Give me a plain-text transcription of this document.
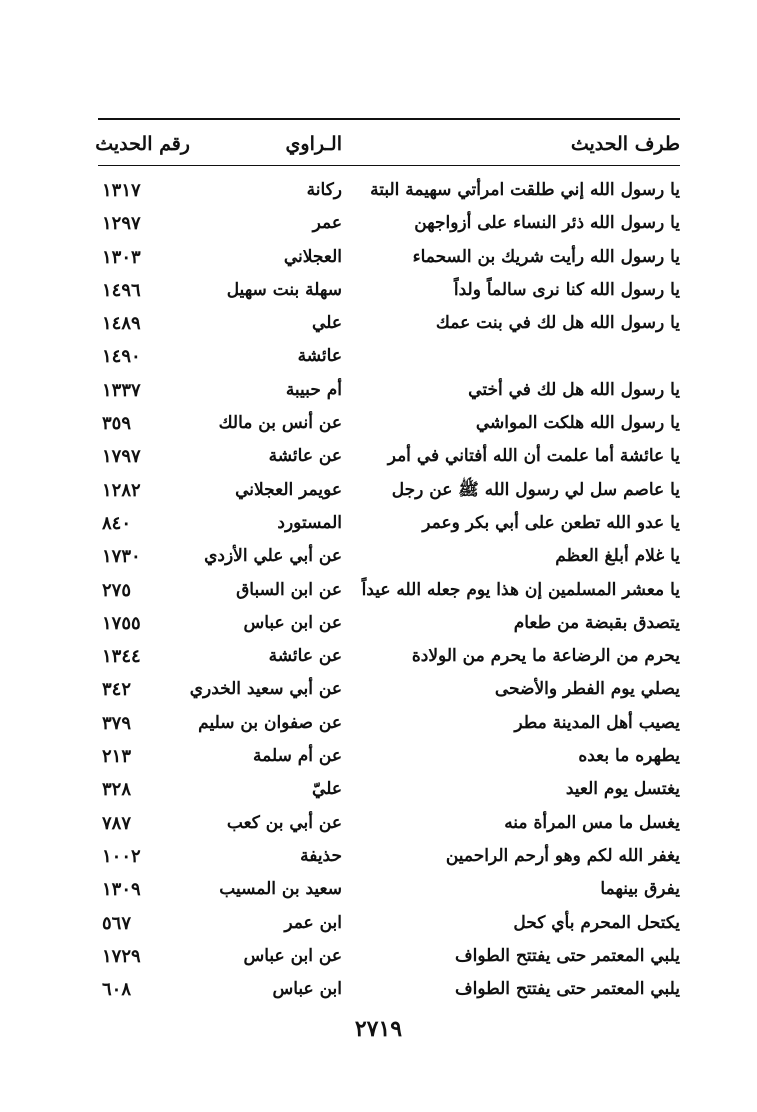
طرف الحديث
الـراوي
رقم الحديث
يا رسول الله إني طلقت امرأتي سهيمة البتة
ركانة
١٣١٧
يا رسول الله ذئر النساء على أزواجهن
عمر
١٢٩٧
يا رسول الله رأيت شريك بن السحماء
العجلاني
١٣٠٣
يا رسول الله كنا نرى سالماً ولداً
سهلة بنت سهيل
١٤٩٦
يا رسول الله هل لك في بنت عمك
علي
١٤٨٩
عائشة
١٤٩٠
يا رسول الله هل لك في أختي
أم حبيبة
١٣٣٧
يا رسول الله هلكت المواشي
عن أنس بن مالك
٣٥٩
يا عائشة أما علمت أن الله أفتاني في أمر
عن عائشة
١٧٩٧
يا عاصم سل لي رسول الله ﷺ عن رجل
عويمر العجلاني
١٢٨٢
يا عدو الله تطعن على أبي بكر وعمر
المستورد
٨٤٠
يا غلام أبلغ العظم
عن أبي علي الأزدي
١٧٣٠
يا معشر المسلمين إن هذا يوم جعله الله عيداً
عن ابن السباق
٢٧٥
يتصدق بقبضة من طعام
عن ابن عباس
١٧٥٥
يحرم من الرضاعة ما يحرم من الولادة
عن عائشة
١٣٤٤
يصلي يوم الفطر والأضحى
عن أبي سعيد الخدري
٣٤٢
يصيب أهل المدينة مطر
عن صفوان بن سليم
٣٧٩
يطهره ما بعده
عن أم سلمة
٢١٣
يغتسل يوم العيد
عليّ
٣٢٨
يغسل ما مس المرأة منه
عن أبي بن كعب
٧٨٧
يغفر الله لكم وهو أرحم الراحمين
حذيفة
١٠٠٢
يفرق بينهما
سعيد بن المسيب
١٣٠٩
يكتحل المحرم بأي كحل
ابن عمر
٥٦٧
يلبي المعتمر حتى يفتتح الطواف
عن ابن عباس
١٧٢٩
يلبي المعتمر حتى يفتتح الطواف
ابن عباس
٦٠٨
٢٧١٩
